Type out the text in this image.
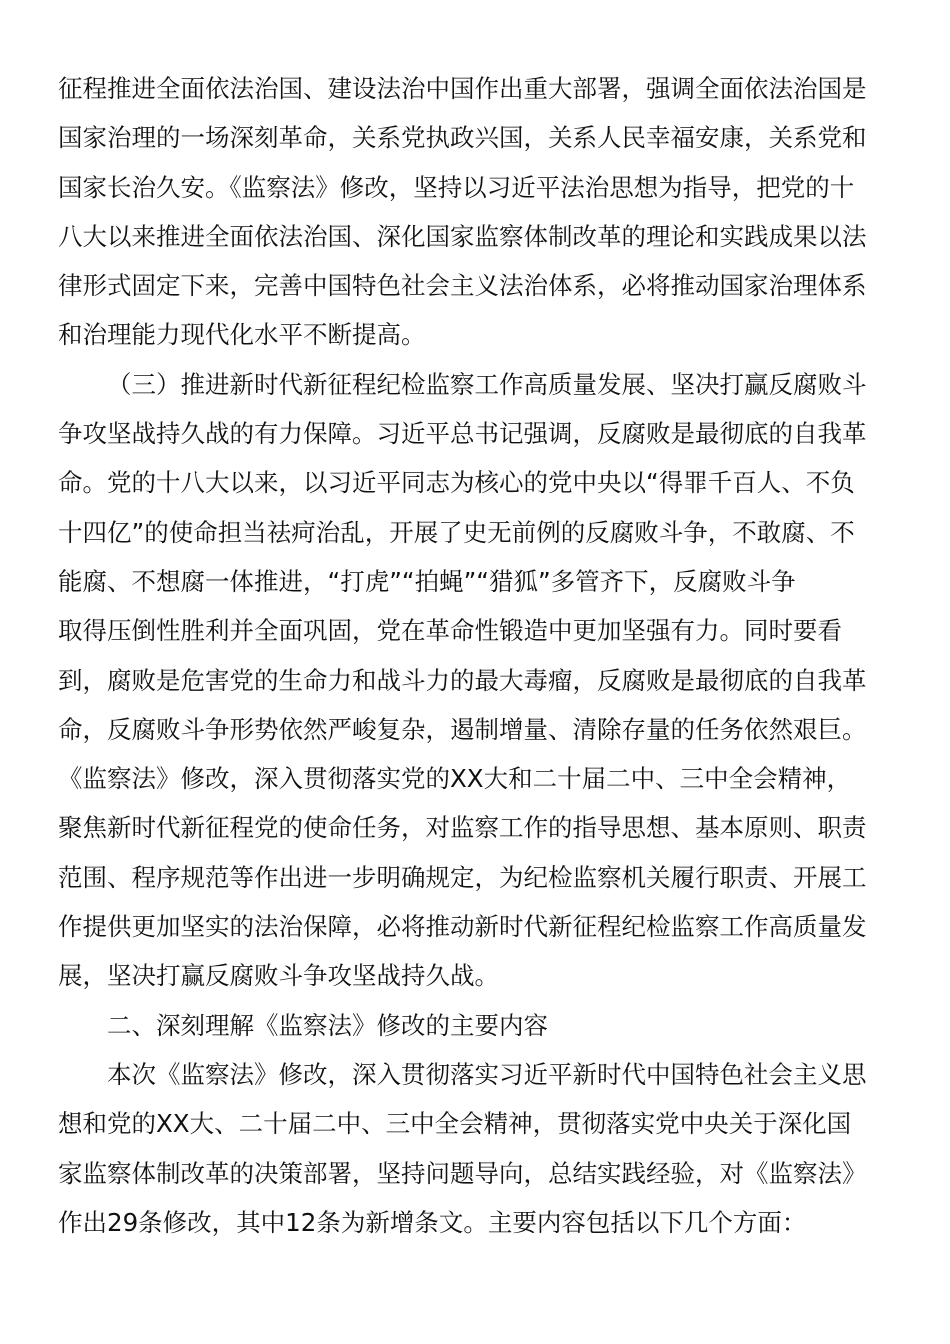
征程推进全面依法治国、建设法治中国作出重大部署，强调全面依法治国是

国家治理的一场深刻革命，关系党执政兴国，关系人民幸福安康，关系党和

国家长治久安。《监察法》修改，坚持以习近平法治思想为指导，把党的十

八大以来推进全面依法治国、深化国家监察体制改革的理论和实践成果以法

律形式固定下来，完善中国特色社会主义法治体系，必将推动国家治理体系

和治理能力现代化水平不断提高。

（三）推进新时代新征程纪检监察工作高质量发展、坚决打赢反腐败斗

争攻坚战持久战的有力保障。习近平总书记强调，反腐败是最彻底的自我革

命。党的十八大以来，以习近平同志为核心的党中央以“得罪千百人、不负

十四亿”的使命担当祛疴治乱，开展了史无前例的反腐败斗争，不敢腐、不

能腐、不想腐一体推进，“打虎”“拍蝇”“猎狐”多管齐下，反腐败斗争

取得压倒性胜利并全面巩固，党在革命性锻造中更加坚强有力。同时要看

到，腐败是危害党的生命力和战斗力的最大毒瘤，反腐败是最彻底的自我革

命，反腐败斗争形势依然严峻复杂，遏制增量、清除存量的任务依然艰巨。

《监察法》修改，深入贯彻落实党的XX大和二十届二中、三中全会精神，

聚焦新时代新征程党的使命任务，对监察工作的指导思想、基本原则、职责

范围、程序规范等作出进一步明确规定，为纪检监察机关履行职责、开展工

作提供更加坚实的法治保障，必将推动新时代新征程纪检监察工作高质量发

展，坚决打赢反腐败斗争攻坚战持久战。

二、深刻理解《监察法》修改的主要内容

本次《监察法》修改，深入贯彻落实习近平新时代中国特色社会主义思

想和党的XX大、二十届二中、三中全会精神，贯彻落实党中央关于深化国

家监察体制改革的决策部署，坚持问题导向，总结实践经验，对《监察法》

作出29条修改，其中12条为新增条文。主要内容包括以下几个方面：
